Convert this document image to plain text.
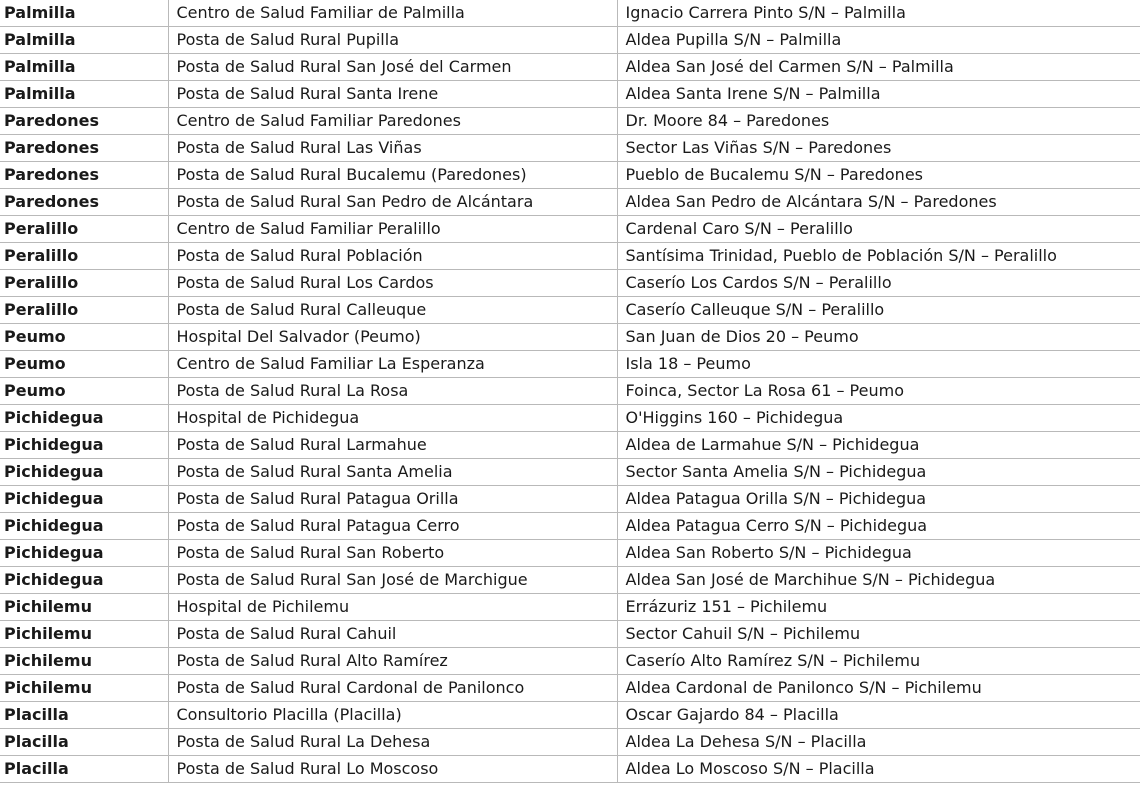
Palmilla	Centro de Salud Familiar de Palmilla	Ignacio Carrera Pinto S/N – Palmilla
Palmilla	Posta de Salud Rural Pupilla	Aldea Pupilla S/N – Palmilla
Palmilla	Posta de Salud Rural San José del Carmen	Aldea San José del Carmen S/N – Palmilla
Palmilla	Posta de Salud Rural Santa Irene	Aldea Santa Irene S/N – Palmilla
Paredones	Centro de Salud Familiar Paredones	Dr. Moore 84 – Paredones
Paredones	Posta de Salud Rural Las Viñas	Sector Las Viñas S/N – Paredones
Paredones	Posta de Salud Rural Bucalemu (Paredones)	Pueblo de Bucalemu S/N – Paredones
Paredones	Posta de Salud Rural San Pedro de Alcántara	Aldea San Pedro de Alcántara S/N – Paredones
Peralillo	Centro de Salud Familiar Peralillo	Cardenal Caro S/N – Peralillo
Peralillo	Posta de Salud Rural Población	Santísima Trinidad, Pueblo de Población S/N – Peralillo
Peralillo	Posta de Salud Rural Los Cardos	Caserío Los Cardos S/N – Peralillo
Peralillo	Posta de Salud Rural Calleuque	Caserío Calleuque S/N – Peralillo
Peumo	Hospital Del Salvador (Peumo)	San Juan de Dios 20 – Peumo
Peumo	Centro de Salud Familiar La Esperanza	Isla 18 – Peumo
Peumo	Posta de Salud Rural La Rosa	Foinca, Sector La Rosa 61 – Peumo
Pichidegua	Hospital de Pichidegua	O'Higgins 160 – Pichidegua
Pichidegua	Posta de Salud Rural Larmahue	Aldea de Larmahue S/N – Pichidegua
Pichidegua	Posta de Salud Rural Santa Amelia	Sector Santa Amelia S/N – Pichidegua
Pichidegua	Posta de Salud Rural Patagua Orilla	Aldea Patagua Orilla S/N – Pichidegua
Pichidegua	Posta de Salud Rural Patagua Cerro	Aldea Patagua Cerro S/N – Pichidegua
Pichidegua	Posta de Salud Rural San Roberto	Aldea San Roberto S/N – Pichidegua
Pichidegua	Posta de Salud Rural San José de Marchigue	Aldea San José de Marchihue S/N – Pichidegua
Pichilemu	Hospital de Pichilemu	Errázuriz 151 – Pichilemu
Pichilemu	Posta de Salud Rural Cahuil	Sector Cahuil S/N – Pichilemu
Pichilemu	Posta de Salud Rural Alto Ramírez	Caserío Alto Ramírez S/N – Pichilemu
Pichilemu	Posta de Salud Rural Cardonal de Panilonco	Aldea Cardonal de Panilonco S/N – Pichilemu
Placilla	Consultorio Placilla (Placilla)	Oscar Gajardo 84 – Placilla
Placilla	Posta de Salud Rural La Dehesa	Aldea La Dehesa S/N – Placilla
Placilla	Posta de Salud Rural Lo Moscoso	Aldea Lo Moscoso S/N – Placilla
